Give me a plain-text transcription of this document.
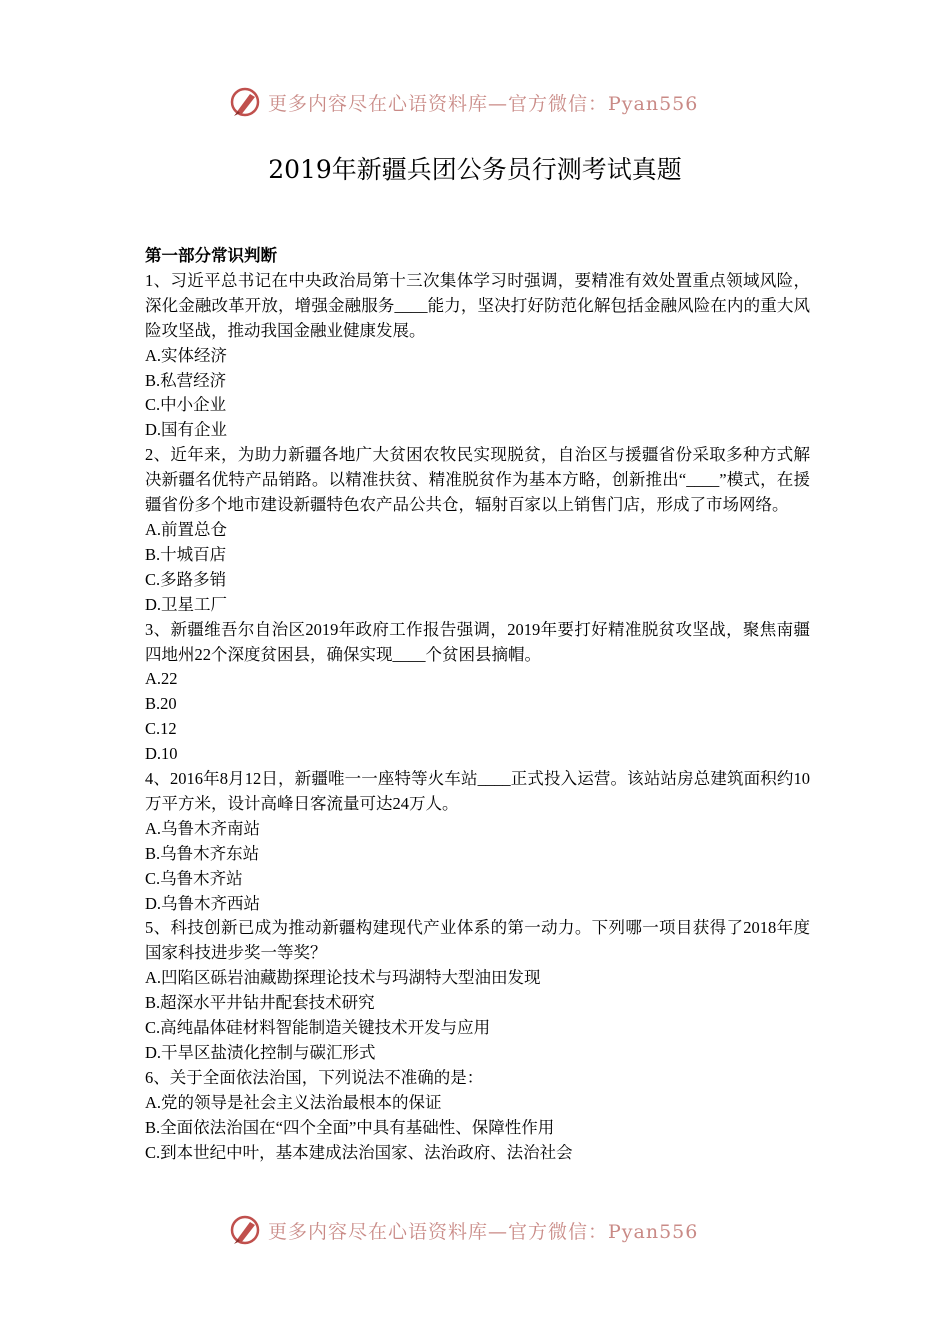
更多内容尽在心语资料库—官方微信：Pyan556
2019年新疆兵团公务员行测考试真题
第一部分常识判断
1、习近平总书记在中央政治局第十三次集体学习时强调，要精准有效处置重点领域风险，深化金融改革开放，增强金融服务____能力，坚决打好防范化解包括金融风险在内的重大风险攻坚战，推动我国金融业健康发展。
A.实体经济
B.私营经济
C.中小企业
D.国有企业
2、近年来，为助力新疆各地广大贫困农牧民实现脱贫，自治区与援疆省份采取多种方式解决新疆名优特产品销路。以精准扶贫、精准脱贫作为基本方略，创新推出“____”模式，在援疆省份多个地市建设新疆特色农产品公共仓，辐射百家以上销售门店，形成了市场网络。
A.前置总仓
B.十城百店
C.多路多销
D.卫星工厂
3、新疆维吾尔自治区2019年政府工作报告强调，2019年要打好精准脱贫攻坚战，聚焦南疆四地州22个深度贫困县，确保实现____个贫困县摘帽。
A.22
B.20
C.12
D.10
4、2016年8月12日，新疆唯一一座特等火车站____正式投入运营。该站站房总建筑面积约10万平方米，设计高峰日客流量可达24万人。
A.乌鲁木齐南站
B.乌鲁木齐东站
C.乌鲁木齐站
D.乌鲁木齐西站
5、科技创新已成为推动新疆构建现代产业体系的第一动力。下列哪一项目获得了2018年度国家科技进步奖一等奖？
A.凹陷区砾岩油藏勘探理论技术与玛湖特大型油田发现
B.超深水平井钻井配套技术研究
C.高纯晶体硅材料智能制造关键技术开发与应用
D.干旱区盐渍化控制与碳汇形式
6、关于全面依法治国，下列说法不准确的是：
A.党的领导是社会主义法治最根本的保证
B.全面依法治国在“四个全面”中具有基础性、保障性作用
C.到本世纪中叶，基本建成法治国家、法治政府、法治社会
更多内容尽在心语资料库—官方微信：Pyan556
